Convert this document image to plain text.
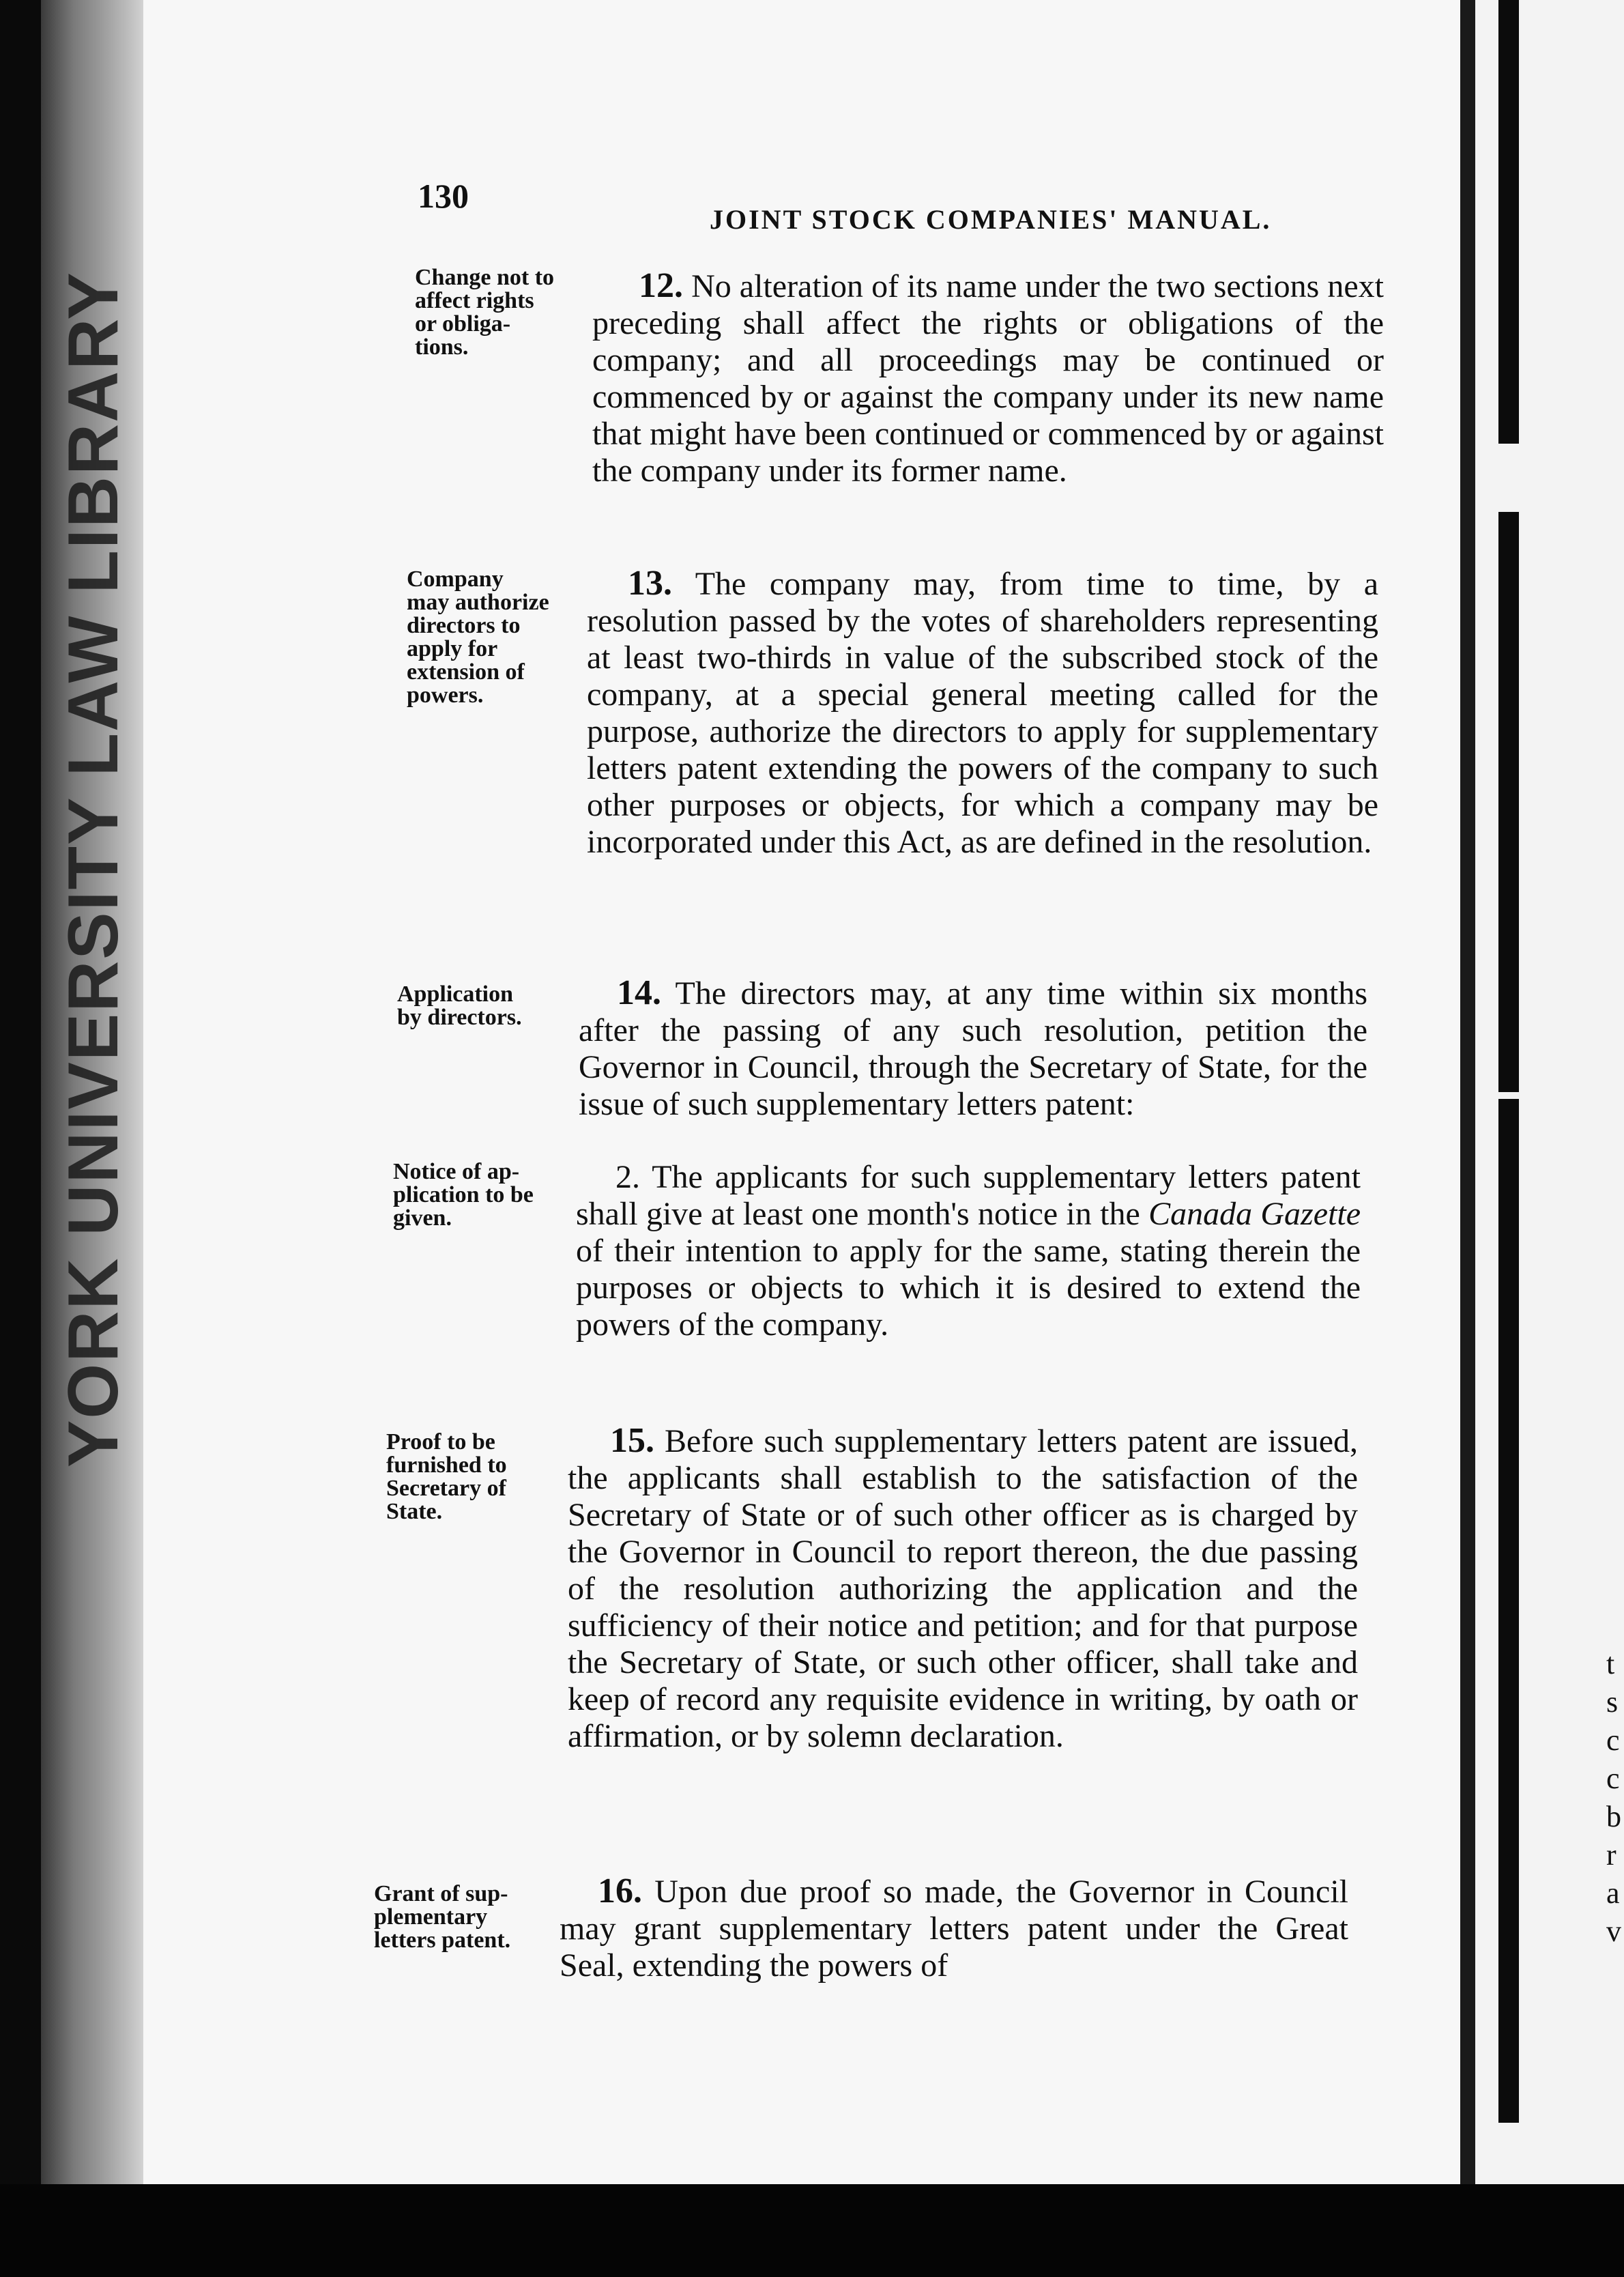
YORK UNIVERSITY LAW LIBRARY
t
s
c
c
b
r
a
v
130
JOINT STOCK COMPANIES' MANUAL.
Change not to
affect rights
or obliga-
tions.
12. No alteration of its name under the two sections next preceding shall affect the rights or obligations of the company; and all proceedings may be continued or commenced by or against the company under its new name that might have been continued or commenced by or against the company under its former name.
Company
may authorize
directors to
apply for
extension of
powers.
13. The company may, from time to time, by a resolution passed by the votes of shareholders representing at least two-thirds in value of the subscribed stock of the company, at a special general meeting called for the purpose, authorize the directors to apply for supplementary letters patent extending the powers of the company to such other purposes or objects, for which a company may be incorporated under this Act, as are defined in the resolution.
Application
by directors.
14. The directors may, at any time within six months after the passing of any such resolution, petition the Governor in Council, through the Secretary of State, for the issue of such supplementary letters patent:
Notice of ap-
plication to be
given.
2. The applicants for such supplementary letters patent shall give at least one month's notice in the Canada Gazette of their intention to apply for the same, stating therein the purposes or objects to which it is desired to extend the powers of the company.
Proof to be
furnished to
Secretary of
State.
15. Before such supplementary letters patent are issued, the applicants shall establish to the satisfaction of the Secretary of State or of such other officer as is charged by the Governor in Council to report thereon, the due passing of the resolution authorizing the application and the sufficiency of their notice and petition; and for that purpose the Secretary of State, or such other officer, shall take and keep of record any requisite evidence in writing, by oath or affirmation, or by solemn declaration.
Grant of sup-
plementary
letters patent.
16. Upon due proof so made, the Governor in Council may grant supplementary letters patent under the Great Seal, extending the powers of
